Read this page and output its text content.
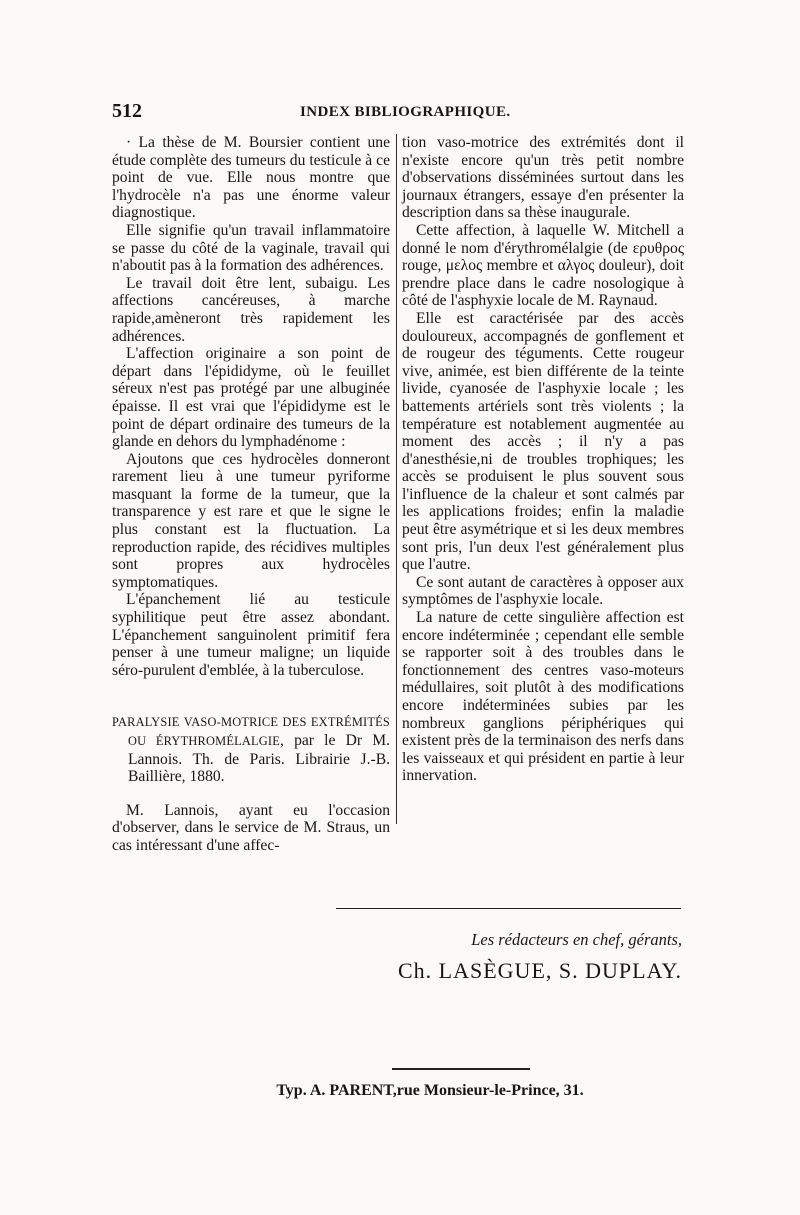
512	INDEX BIBLIOGRAPHIQUE.

· La thèse de M. Boursier contient une étude complète des tumeurs du testicule à ce point de vue. Elle nous montre que l'hydrocèle n'a pas une énorme valeur diagnostique.

Elle signifie qu'un travail inflammatoire se passe du côté de la vaginale, travail qui n'aboutit pas à la formation des adhérences.

Le travail doit être lent, subaigu. Les affections cancéreuses, à marche rapide,amèneront très rapidement les adhérences.

L'affection originaire a son point de départ dans l'épididyme, où le feuillet séreux n'est pas protégé par une albuginée épaisse. Il est vrai que l'épididyme est le point de départ ordinaire des tumeurs de la glande en dehors du lymphadénome :

Ajoutons que ces hydrocèles donneront rarement lieu à une tumeur pyriforme masquant la forme de la tumeur, que la transparence y est rare et que le signe le plus constant est la fluctuation. La reproduction rapide, des récidives multiples sont propres aux hydrocèles symptomatiques.

L'épanchement lié au testicule syphilitique peut être assez abondant. L'épanchement sanguinolent primitif fera penser à une tumeur maligne; un liquide séro-purulent d'emblée, à la tuberculose.

PARALYSIE VASO-MOTRICE DES EXTRÉMITÉS OU ÉRYTHROMÉLALGIE, par le Dr M. Lannois. Th. de Paris. Librairie J.-B. Baillière, 1880.

M. Lannois, ayant eu l'occasion d'observer, dans le service de M. Straus, un cas intéressant d'une affec-

tion vaso-motrice des extrémités dont il n'existe encore qu'un très petit nombre d'observations disséminées surtout dans les journaux étrangers, essaye d'en présenter la description dans sa thèse inaugurale.

Cette affection, à laquelle W. Mitchell a donné le nom d'érythromélalgie (de ερυθρος rouge, μελος membre et αλγος douleur), doit prendre place dans le cadre nosologique à côté de l'asphyxie locale de M. Raynaud.

Elle est caractérisée par des accès douloureux, accompagnés de gonflement et de rougeur des téguments. Cette rougeur vive, animée, est bien différente de la teinte livide, cyanosée de l'asphyxie locale ; les battements artériels sont très violents ; la température est notablement augmentée au moment des accès ; il n'y a pas d'anesthésie,ni de troubles trophiques; les accès se produisent le plus souvent sous l'influence de la chaleur et sont calmés par les applications froides; enfin la maladie peut être asymétrique et si les deux membres sont pris, l'un deux l'est généralement plus que l'autre.

Ce sont autant de caractères à opposer aux symptômes de l'asphyxie locale.

La nature de cette singulière affection est encore indéterminée ; cependant elle semble se rapporter soit à des troubles dans le fonctionnement des centres vaso-moteurs médullaires, soit plutôt à des modifications encore indéterminées subies par les nombreux ganglions périphériques qui existent près de la terminaison des nerfs dans les vaisseaux et qui président en partie à leur innervation.

Les rédacteurs en chef, gérants,
Ch. LASÈGUE, S. DUPLAY.
Typ. A. PARENT,rue Monsieur-le-Prince, 31.
